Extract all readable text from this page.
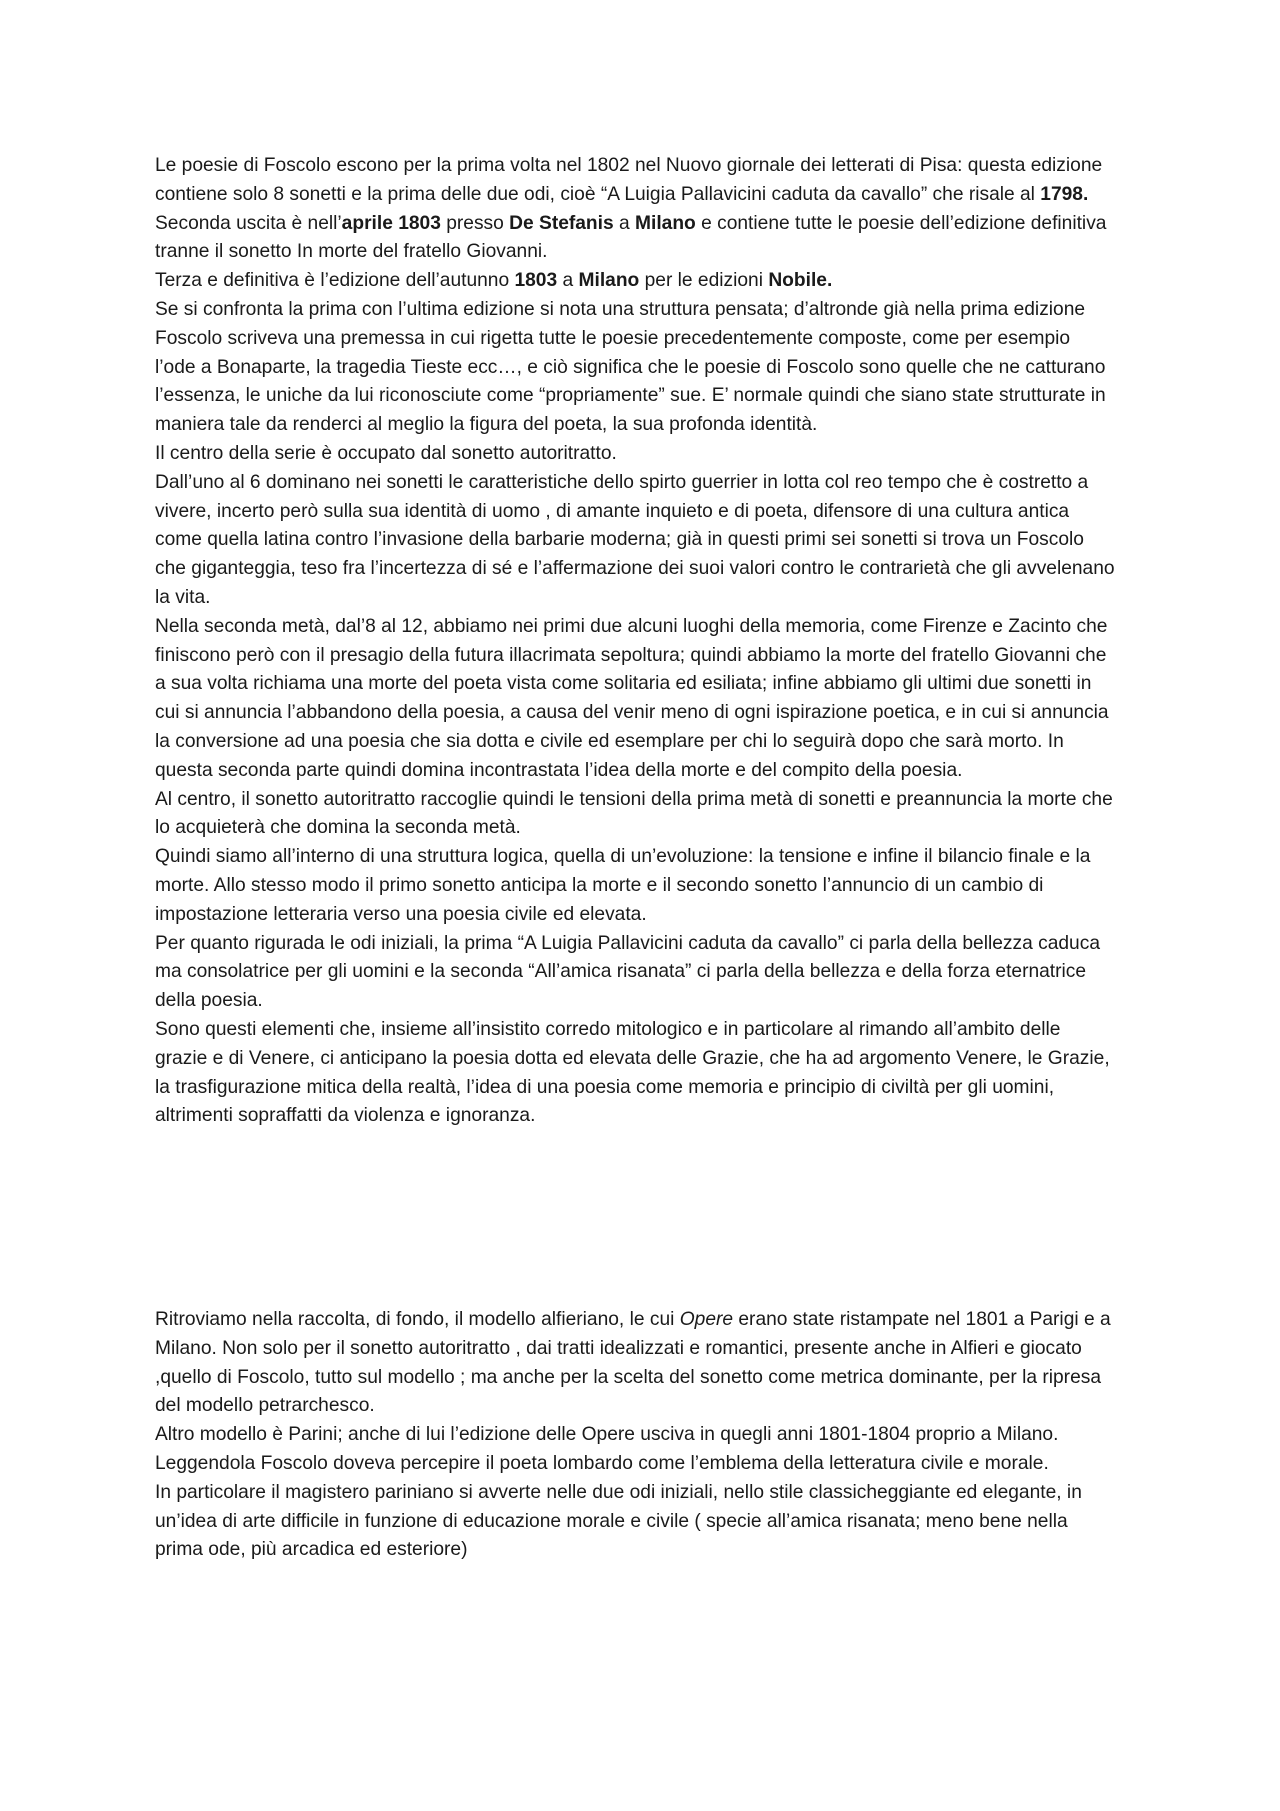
Le poesie di Foscolo escono per la prima volta nel 1802 nel Nuovo giornale dei letterati di Pisa: questa edizione contiene solo 8 sonetti e la prima delle due odi, cioè “A Luigia Pallavicini caduta da cavallo” che risale al 1798.

Seconda uscita è nell’aprile 1803 presso De Stefanis a Milano e contiene tutte le poesie dell’edizione definitiva tranne il sonetto In morte del fratello Giovanni.

Terza e definitiva è l’edizione dell’autunno 1803 a Milano per le edizioni Nobile.

Se si confronta la prima con l’ultima edizione si nota una struttura pensata; d’altronde già nella prima edizione Foscolo scriveva una premessa in cui rigetta tutte le poesie precedentemente composte, come per esempio l’ode a Bonaparte, la tragedia Tieste ecc…, e ciò significa che le poesie di Foscolo sono quelle che ne catturano l’essenza, le uniche da lui riconosciute come “propriamente” sue. E’ normale quindi che siano state strutturate in maniera tale da renderci al meglio la figura del poeta, la sua profonda identità.

Il centro della serie è occupato dal sonetto autoritratto.

Dall’uno al 6 dominano nei sonetti le caratteristiche dello spirto guerrier in lotta col reo tempo che è costretto a vivere, incerto però sulla sua identità di uomo , di amante inquieto e di poeta, difensore di una cultura antica come quella latina contro l’invasione della barbarie moderna; già in questi primi sei sonetti si trova un Foscolo che giganteggia, teso fra l’incertezza di sé e l’affermazione dei suoi valori contro le contrarietà che gli avvelenano la vita.

Nella seconda metà, dal’8 al 12, abbiamo nei primi due alcuni luoghi della memoria, come Firenze e Zacinto che finiscono però con il presagio della futura illacrimata sepoltura; quindi abbiamo la morte del fratello Giovanni che a sua volta richiama una morte del poeta vista come solitaria ed esiliata; infine abbiamo gli ultimi due sonetti in cui si annuncia l’abbandono della poesia, a causa del venir meno di ogni ispirazione poetica, e in cui si annuncia la conversione ad una poesia che sia dotta e civile ed esemplare per chi lo seguirà dopo che sarà morto. In questa seconda parte quindi domina incontrastata l’idea della morte e del compito della poesia.

Al centro, il sonetto autoritratto raccoglie quindi le tensioni della prima metà di sonetti e preannuncia la morte che lo acquieterà che domina la seconda metà.

Quindi siamo all’interno di una struttura logica, quella di un’evoluzione: la tensione e infine il bilancio finale e la morte. Allo stesso modo il primo sonetto anticipa la morte e il secondo sonetto l’annuncio di un cambio di impostazione letteraria verso una poesia civile ed elevata.

Per quanto rigurada le odi iniziali, la prima “A Luigia Pallavicini caduta da cavallo” ci parla della bellezza caduca ma consolatrice per gli uomini e la seconda “All’amica risanata” ci parla della bellezza e della forza eternatrice della poesia.

Sono questi elementi che, insieme all’insistito corredo mitologico e in particolare al rimando all’ambito delle grazie e di Venere, ci anticipano la poesia dotta ed elevata delle Grazie, che ha ad argomento Venere, le Grazie, la trasfigurazione mitica della realtà, l’idea di una poesia come memoria e principio di civiltà per gli uomini, altrimenti sopraffatti da violenza e ignoranza.

Ritroviamo nella raccolta, di fondo, il modello alfieriano, le cui Opere erano state ristampate nel 1801 a Parigi e a Milano. Non solo per il sonetto autoritratto , dai tratti idealizzati e romantici, presente anche in Alfieri e giocato ,quello di Foscolo, tutto sul modello ; ma anche per la scelta del sonetto come metrica dominante, per la ripresa del modello petrarchesco.

Altro modello è Parini; anche di lui l’edizione delle Opere usciva in quegli anni 1801-1804 proprio a Milano. Leggendola Foscolo doveva percepire il poeta lombardo come l’emblema della letteratura civile e morale.

In particolare il magistero pariniano si avverte nelle due odi iniziali, nello stile classicheggiante ed elegante, in un’idea di arte difficile in funzione di educazione morale e civile ( specie all’amica risanata; meno bene nella prima ode, più arcadica ed esteriore)
